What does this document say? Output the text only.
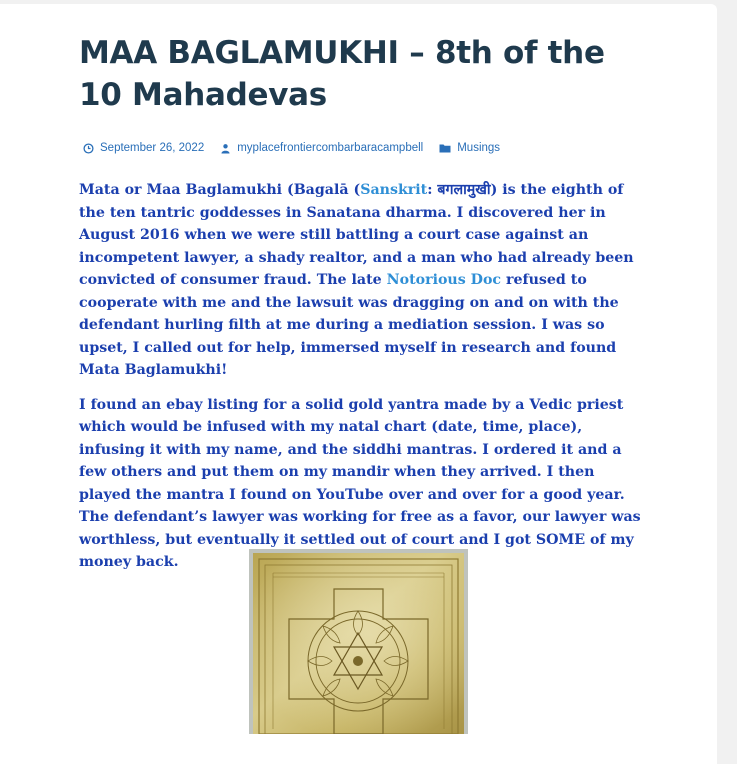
MAA BAGLAMUKHI – 8th of the 10 Mahadevas
September 26, 2022	myplacefrontiercombarbaracampbell	Musings

Mata or Maa Baglamukhi (Bagalā (Sanskrit: बगलामुखी) is the eighth of the ten tantric goddesses in Sanatana dharma. I discovered her in August 2016 when we were still battling a court case against an incompetent lawyer, a shady realtor, and a man who had already been convicted of consumer fraud. The late Notorious Doc refused to cooperate with me and the lawsuit was dragging on and on with the defendant hurling filth at me during a mediation session. I was so upset, I called out for help, immersed myself in research and found Mata Baglamukhi!

I found an ebay listing for a solid gold yantra made by a Vedic priest which would be infused with my natal chart (date, time, place), infusing it with my name, and the siddhi mantras. I ordered it and a few others and put them on my mandir when they arrived. I then played the mantra I found on YouTube over and over for a good year. The defendant’s lawyer was working for free as a favor, our lawyer was worthless, but eventually it settled out of court and I got SOME of my money back.
